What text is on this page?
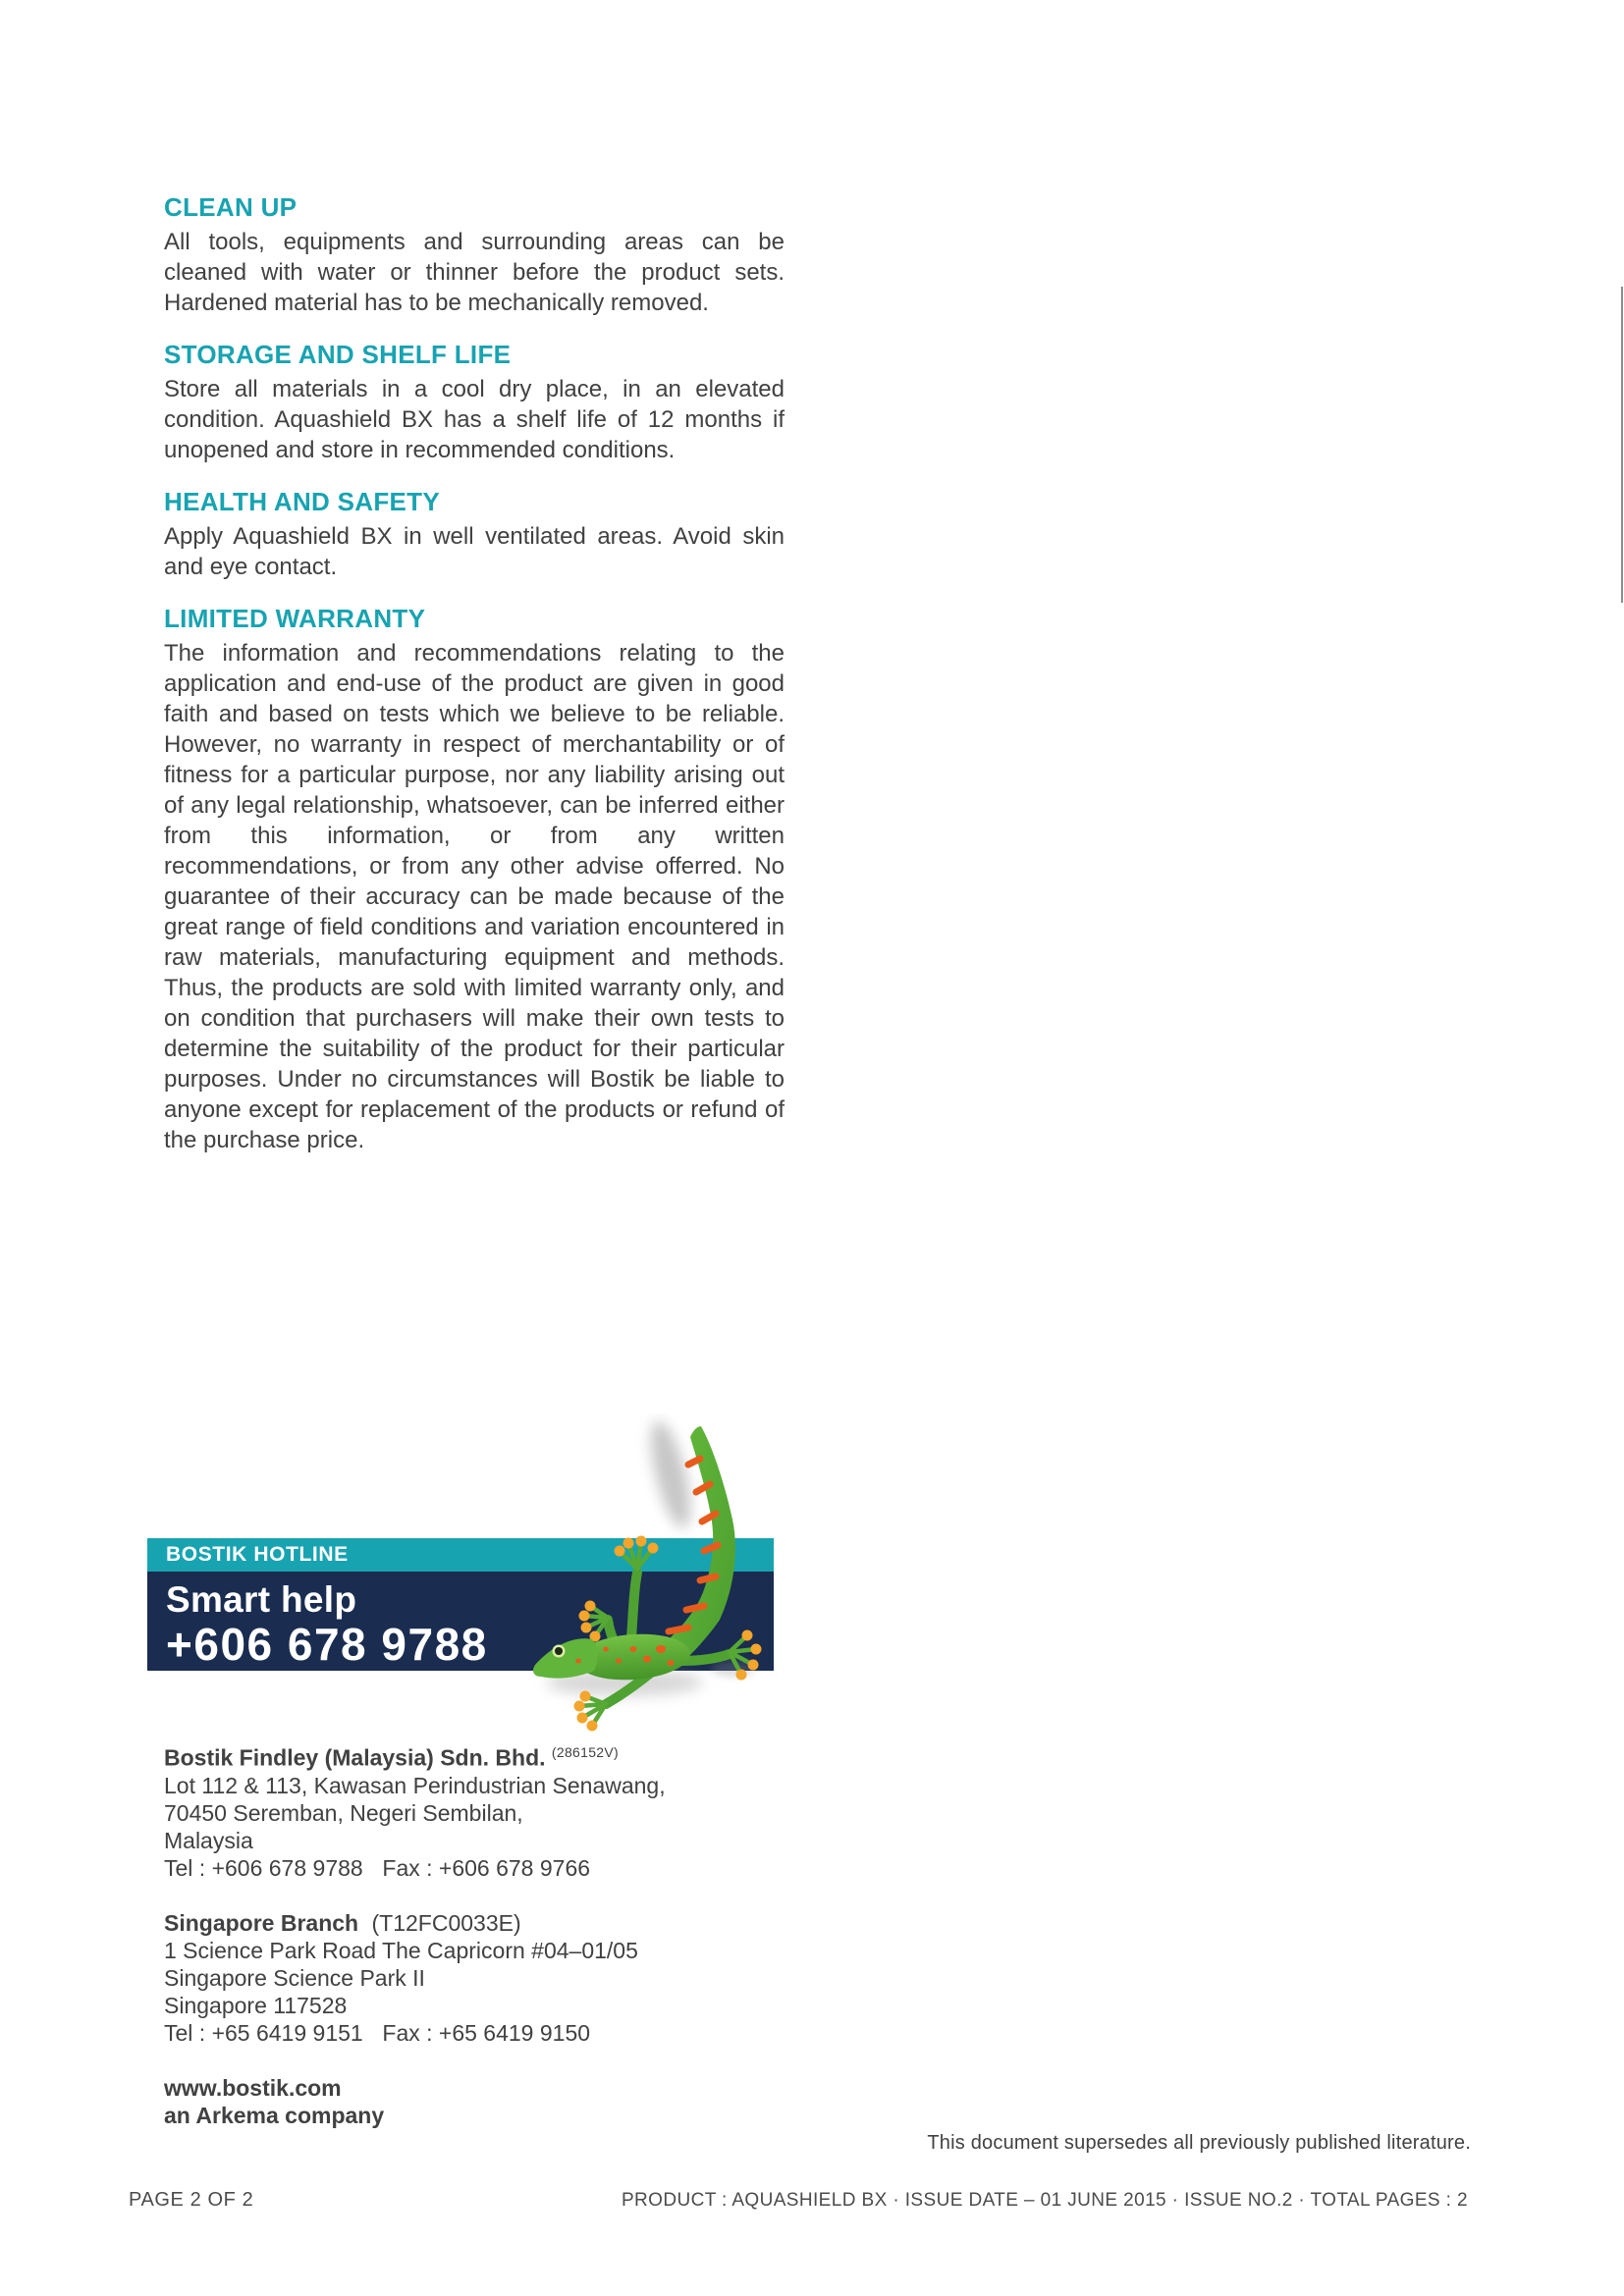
CLEAN UP

All tools, equipments and surrounding areas can be cleaned with water or thinner before the product sets. Hardened material has to be mechanically removed.

STORAGE AND SHELF LIFE

Store all materials in a cool dry place, in an elevated condition. Aquashield BX has a shelf life of 12 months if unopened and store in recommended conditions.

HEALTH AND SAFETY

Apply Aquashield BX in well ventilated areas. Avoid skin and eye contact.

LIMITED WARRANTY

The information and recommendations relating to the application and end-use of the product are given in good faith and based on tests which we believe to be reliable. However, no warranty in respect of merchantability or of fitness for a particular purpose, nor any liability arising out of any legal relationship, whatsoever, can be inferred either from this information, or from any written recommendations, or from any other advise offerred. No guarantee of their accuracy can be made because of the great range of field conditions and variation encountered in raw materials, manufacturing equipment and methods. Thus, the products are sold with limited warranty only, and on condition that purchasers will make their own tests to determine the suitability of the product for their particular purposes. Under no circumstances will Bostik be liable to anyone except for replacement of the products or refund of the purchase price.

BOSTIK HOTLINE
Smart help
+606 678 9788
Bostik Findley (Malaysia) Sdn. Bhd. $^{(286152V)}$
Lot 112 & 113, Kawasan Perindustrian Senawang,
70450 Seremban, Negeri Sembilan,
Malaysia
Tel : +606 678 9788 Fax : +606 678 9766
Singapore Branch (T12FC0033E)
1 Science Park Road The Capricorn #04–01/05
Singapore Science Park II
Singapore 117528
Tel : +65 6419 9151 Fax : +65 6419 9150
www.bostik.com
an Arkema company
This document supersedes all previously published literature.
PAGE 2 OF 2	PRODUCT : AQUASHIELD BX · ISSUE DATE – 01 JUNE 2015 · ISSUE NO.2 · TOTAL PAGES : 2
